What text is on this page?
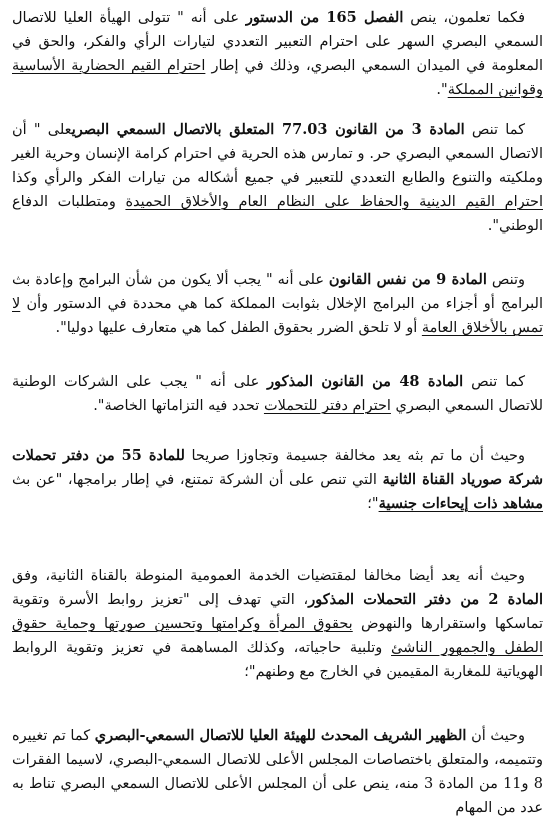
فكما تعلمون، ينص الفصل 165 من الدستور على أنه " تتولى الهيأة العليا للاتصال السمعي البصري السهر على احترام التعبير التعددي لتيارات الرأي والفكر، والحق في المعلومة في الميدان السمعي البصري، وذلك في إطار احترام القيم الحضارية الأساسية وقوانين المملكة".

كما تنص المادة 3 من القانون 77.03 المتعلق بالاتصال السمعي البصريعلى " أن الاتصال السمعي البصري حر. و تمارس هذه الحرية في احترام كرامة الإنسان وحرية الغير وملكيته والتنوع والطابع التعددي للتعبير في جميع أشكاله من تيارات الفكر والرأي وكذا احترام القيم الدينية والحفاظ على النظام العام والأخلاق الحميدة ومتطلبات الدفاع الوطني".

وتنص المادة 9 من نفس القانون على أنه " يجب ألا يكون من شأن البرامج وإعادة بث البرامج أو أجزاء من البرامج الإخلال بثوابت المملكة كما هي محددة في الدستور وأن لا تمس بالأخلاق العامة أو لا تلحق الضرر بحقوق الطفل كما هي متعارف عليها دوليا".

كما تنص المادة 48 من القانون المذكور على أنه " يجب على الشركات الوطنية للاتصال السمعي البصري احترام دفتر للتحملات تحدد فيه التزاماتها الخاصة".

وحيث أن ما تم بثه يعد مخالفة جسيمة وتجاوزا صريحا للمادة 55 من دفتر تحملات شركة صورياد القناة الثانية التي تنص على أن الشركة تمتنع، في إطار برامجها، "عن بث مشاهد ذات إيحاءات جنسية"؛

وحيث أنه يعد أيضا مخالفا لمقتضيات الخدمة العمومية المنوطة بالقناة الثانية، وفق المادة 2 من دفتر التحملات المذكور، التي تهدف إلى "تعزيز روابط الأسرة وتقوية تماسكها واستقرارها والنهوض بحقوق المرأة وكرامتها وتحسين صورتها وحماية حقوق الطفل والجمهور الناشئ وتلبية حاجياته، وكذلك المساهمة في تعزيز وتقوية الروابط الهوياتية للمغاربة المقيمين في الخارج مع وطنهم"؛

وحيث أن الظهير الشريف المحدث للهيئة العليا للاتصال السمعي-البصري كما تم تغييره وتتميمه، والمتعلق باختصاصات المجلس الأعلى للاتصال السمعي-البصري، لاسيما الفقرات 8 و11 من المادة 3 منه، ينص على أن المجلس الأعلى للاتصال السمعي البصري تناط به عدد من المهام
